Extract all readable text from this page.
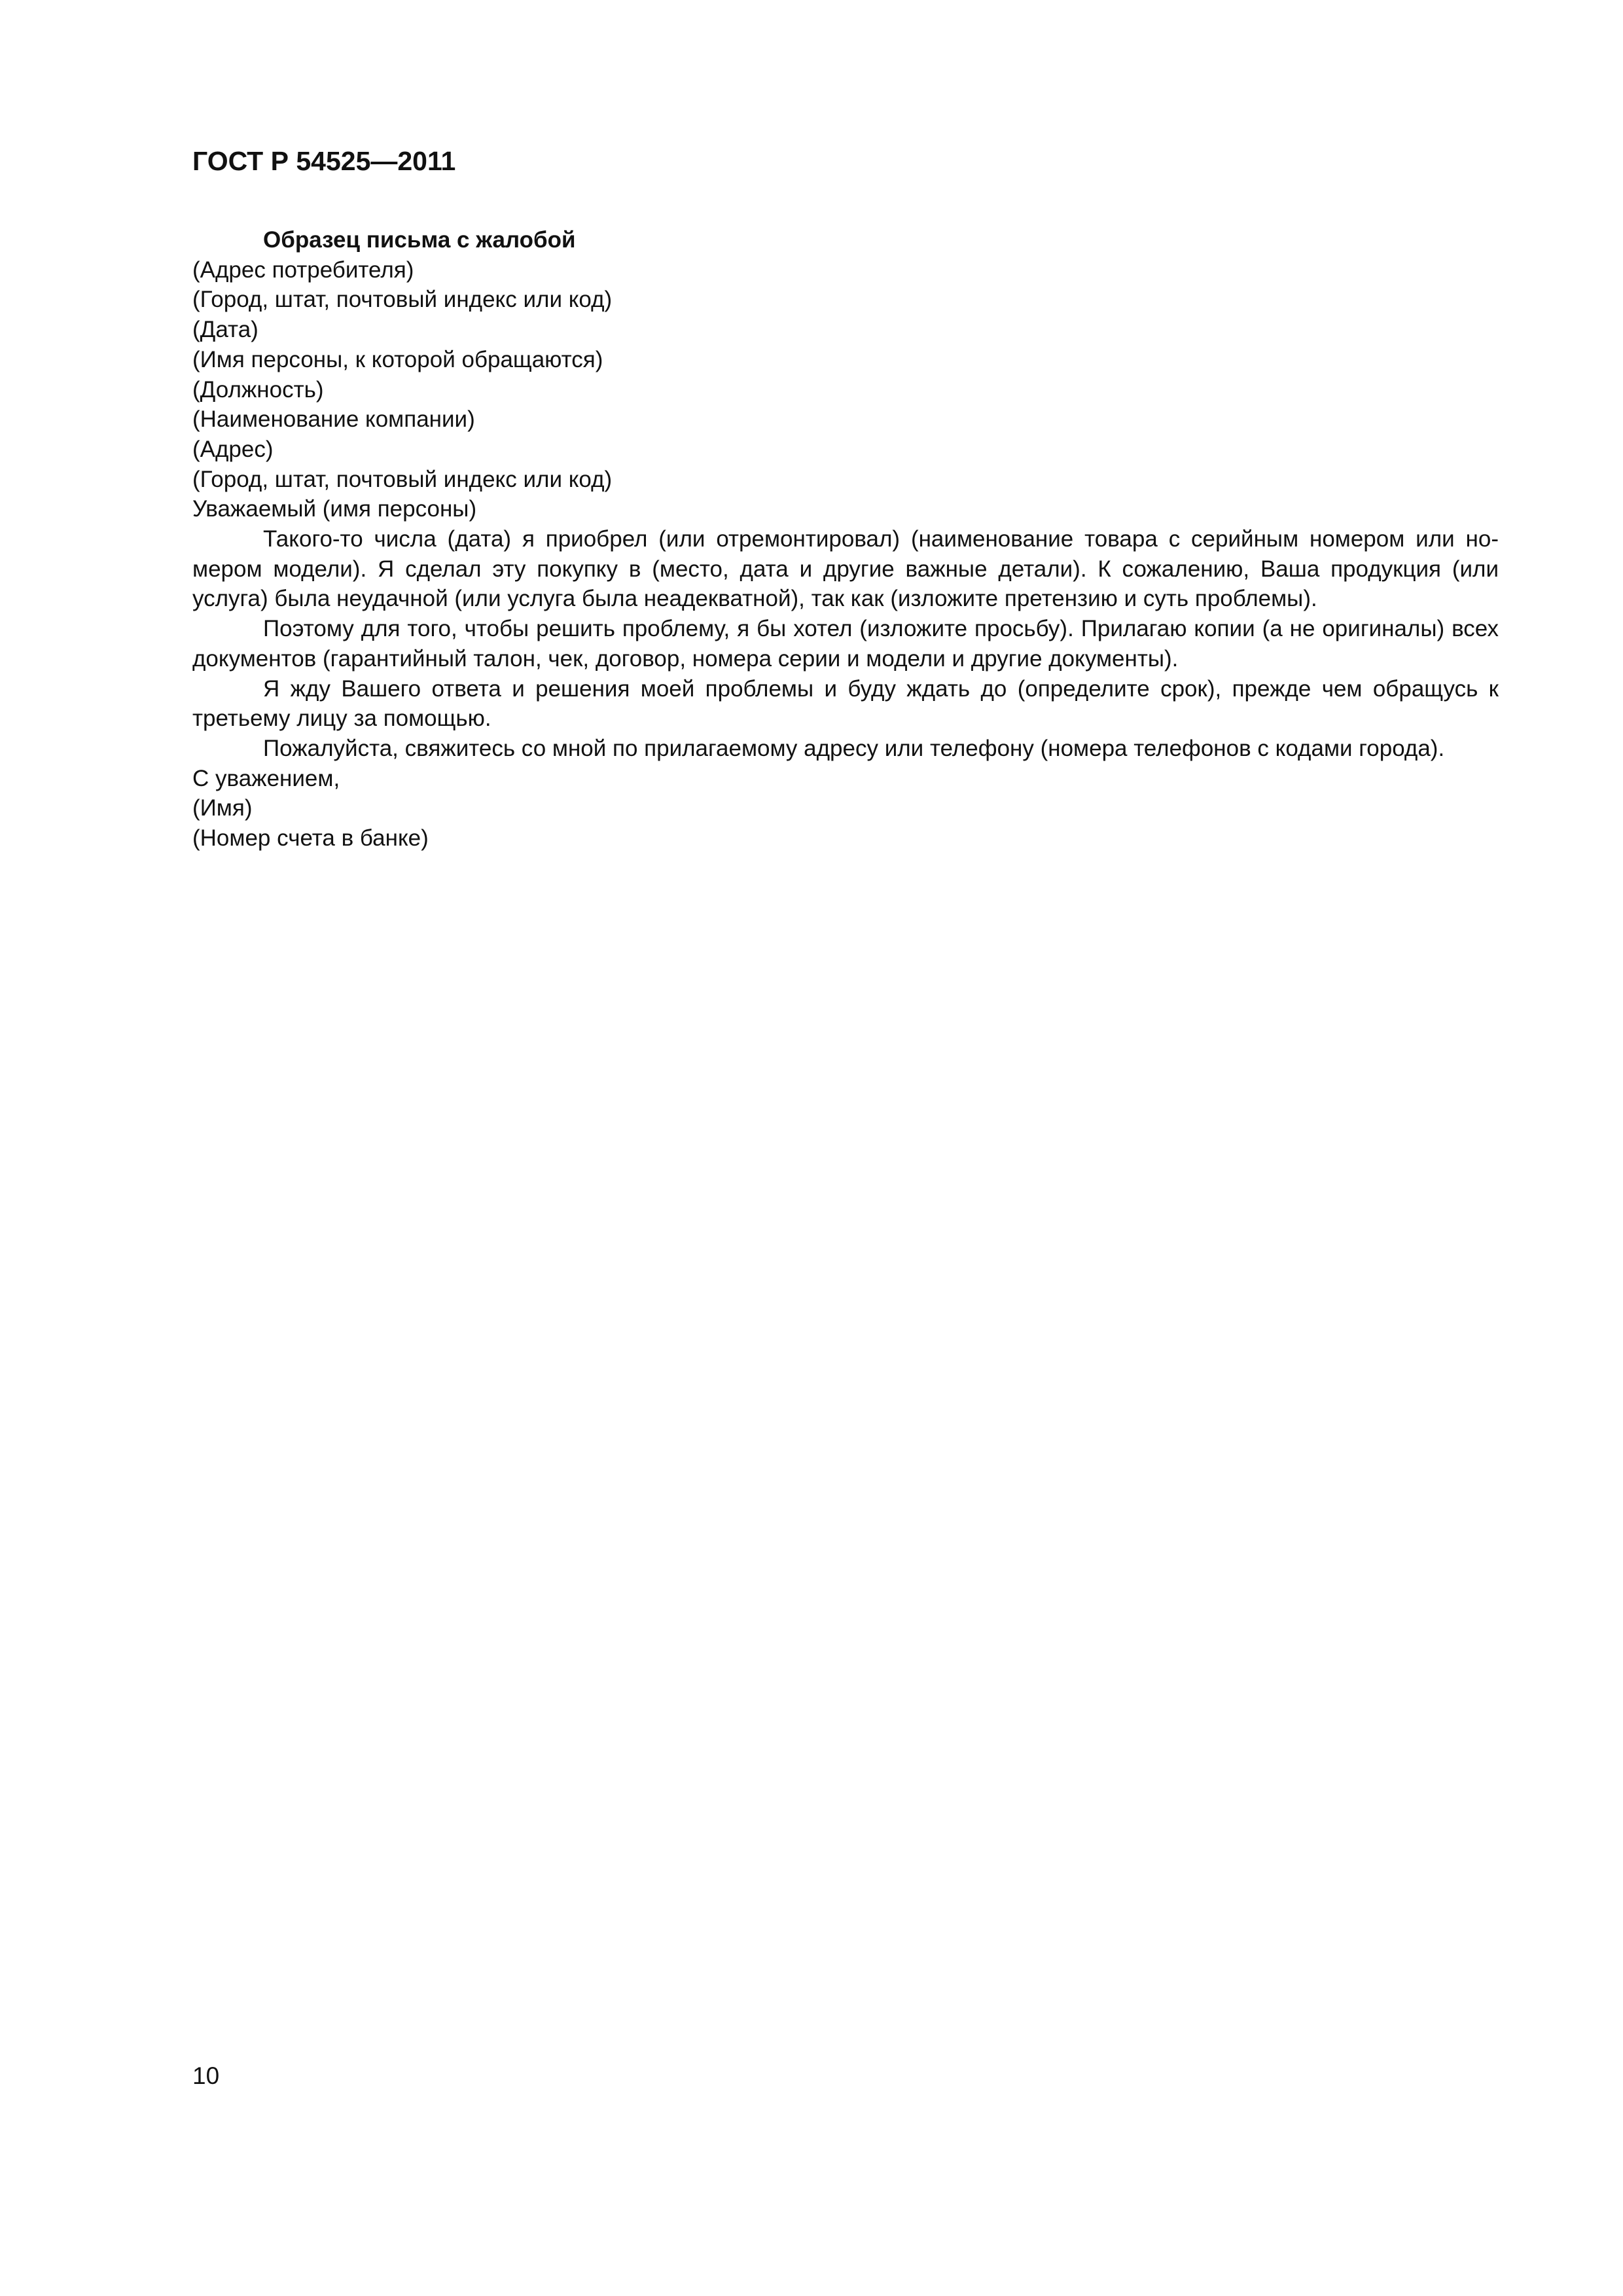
ГОСТ Р 54525—2011
Образец письма с жалобой
(Адрес потребителя)
(Город, штат, почтовый индекс или код)
(Дата)
(Имя персоны, к которой обращаются)
(Должность)
(Наименование компании)
(Адрес)
(Город, штат, почтовый индекс или код)
Уважаемый (имя персоны)
Такого-то числа (дата) я приобрел (или отремонтировал) (наименование товара с серийным номером или номером модели). Я сделал эту покупку в (место, дата и другие важные детали). К сожалению, Ваша продукция (или услуга) была неудачной (или услуга была неадекватной), так как (изложите претензию и суть проблемы).
Поэтому для того, чтобы решить проблему, я бы хотел (изложите просьбу). Прилагаю копии (а не оригиналы) всех документов (гарантийный талон, чек, договор, номера серии и модели и другие документы).
Я жду Вашего ответа и решения моей проблемы и буду ждать до (определите срок), прежде чем обращусь к третьему лицу за помощью.
Пожалуйста, свяжитесь со мной по прилагаемому адресу или телефону (номера телефонов с кодами города).
С уважением,
(Имя)
(Номер счета в банке)
10
